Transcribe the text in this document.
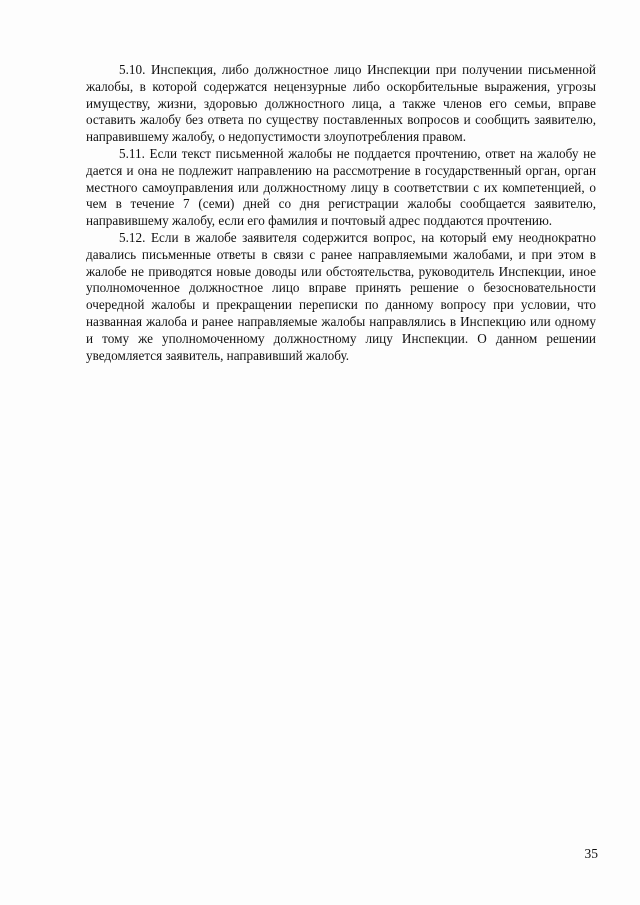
5.10. Инспекция, либо должностное лицо Инспекции при получении письменной жалобы, в которой содержатся нецензурные либо оскорбительные выражения, угрозы имуществу, жизни, здоровью должностного лица, а также членов его семьи, вправе оставить жалобу без ответа по существу поставленных вопросов и сообщить заявителю, направившему жалобу, о недопустимости злоупотребления правом.

5.11. Если текст письменной жалобы не поддается прочтению, ответ на жалобу не дается и она не подлежит направлению на рассмотрение в государственный орган, орган местного самоуправления или должностному лицу в соответствии с их компетенцией, о чем в течение 7 (семи) дней со дня регистрации жалобы сообщается заявителю, направившему жалобу, если его фамилия и почтовый адрес поддаются прочтению.

5.12. Если в жалобе заявителя содержится вопрос, на который ему неоднократно давались письменные ответы в связи с ранее направляемыми жалобами, и при этом в жалобе не приводятся новые доводы или обстоятельства, руководитель Инспекции, иное уполномоченное должностное лицо вправе принять решение о безосновательности очередной жалобы и прекращении переписки по данному вопросу при условии, что названная жалоба и ранее направляемые жалобы направлялись в Инспекцию или одному и тому же уполномоченному должностному лицу Инспекции. О данном решении уведомляется заявитель, направивший жалобу.

35
